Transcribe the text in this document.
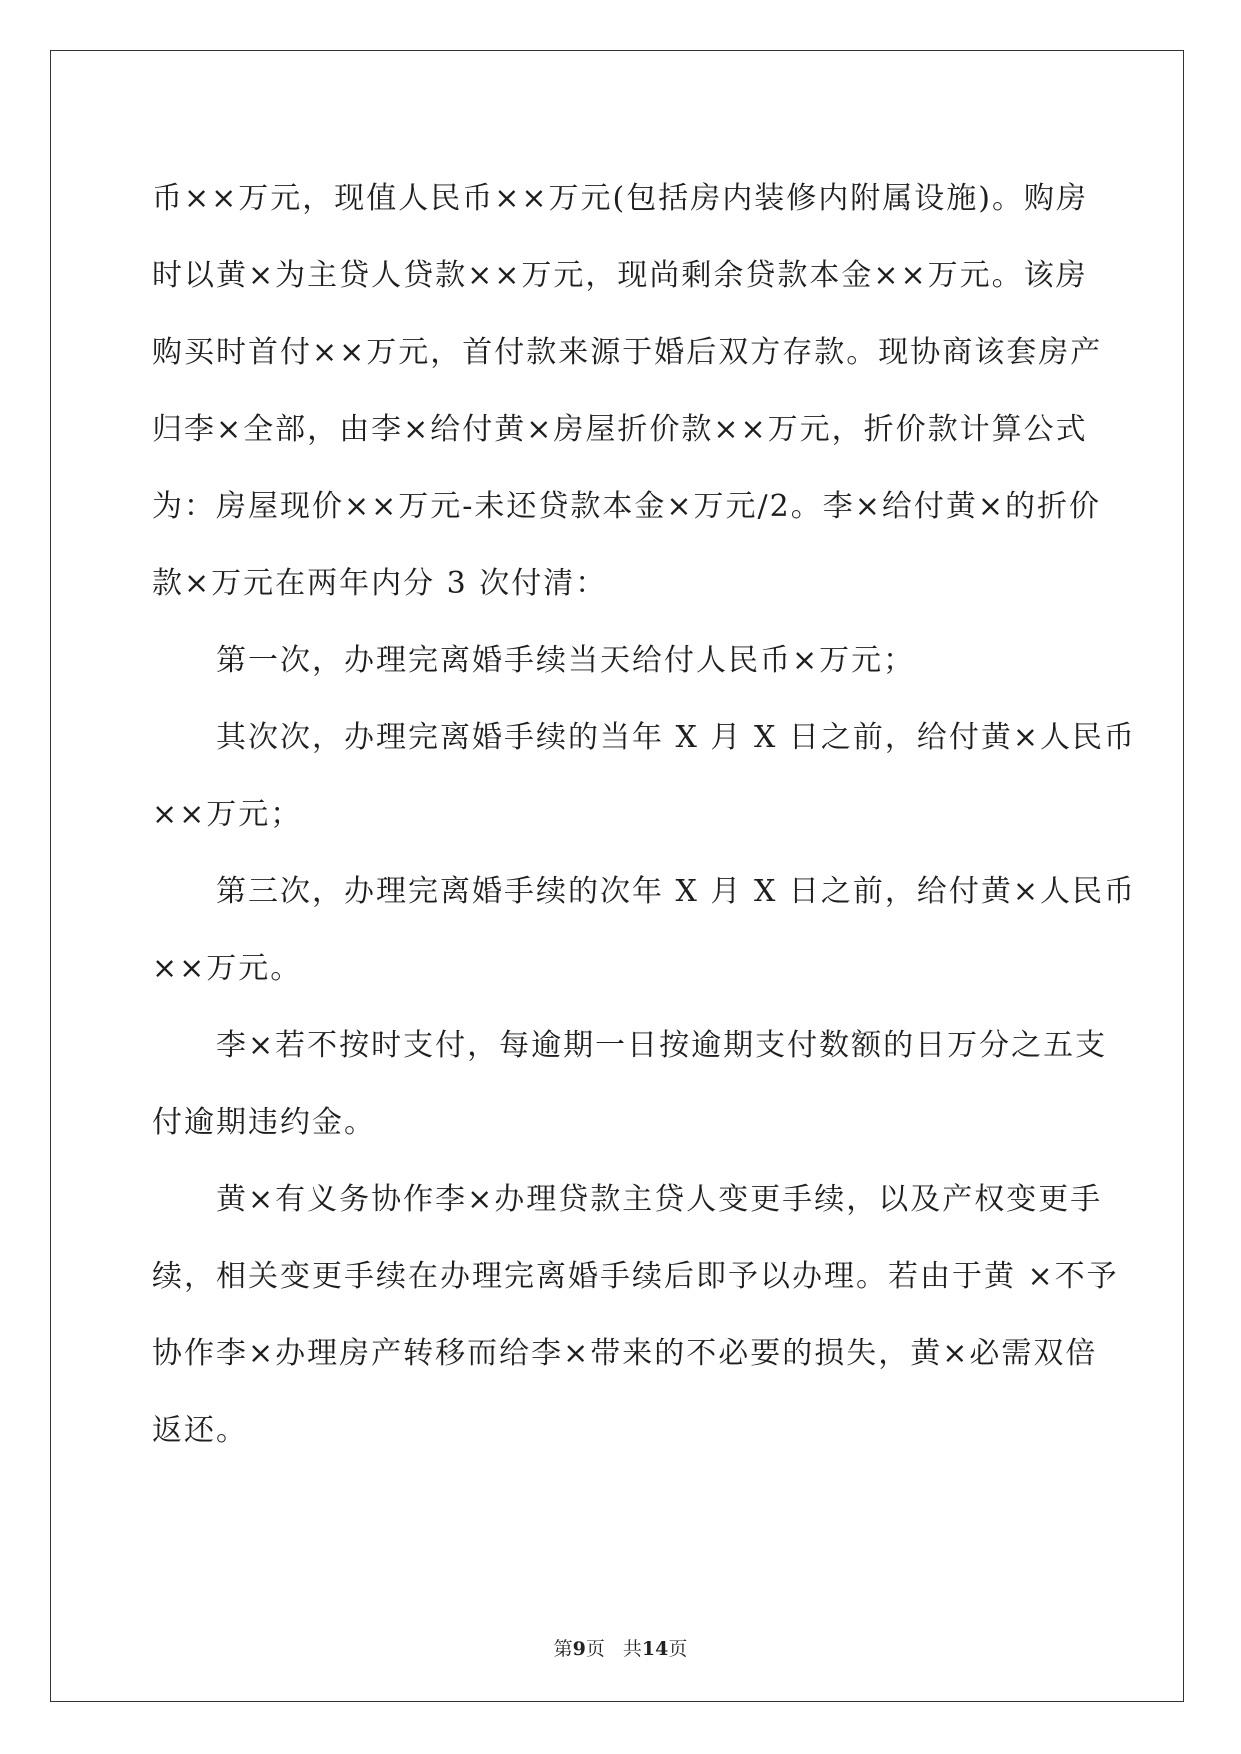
币××万元，现值人民币××万元(包括房内装修内附属设施)。购房
时以黄×为主贷人贷款××万元，现尚剩余贷款本金××万元。该房
购买时首付××万元，首付款来源于婚后双方存款。现协商该套房产
归李×全部，由李×给付黄×房屋折价款××万元，折价款计算公式
为：房屋现价××万元-未还贷款本金×万元/2。李×给付黄×的折价
款×万元在两年内分 3 次付清：
第一次，办理完离婚手续当天给付人民币×万元；
其次次，办理完离婚手续的当年 X 月 X 日之前，给付黄×人民币
××万元；
第三次，办理完离婚手续的次年 X 月 X 日之前，给付黄×人民币
××万元。
李×若不按时支付，每逾期一日按逾期支付数额的日万分之五支
付逾期违约金。
黄×有义务协作李×办理贷款主贷人变更手续，以及产权变更手
续，相关变更手续在办理完离婚手续后即予以办理。若由于黄 ×不予
协作李×办理房产转移而给李×带来的不必要的损失，黄×必需双倍
返还。
第9页 共14页
